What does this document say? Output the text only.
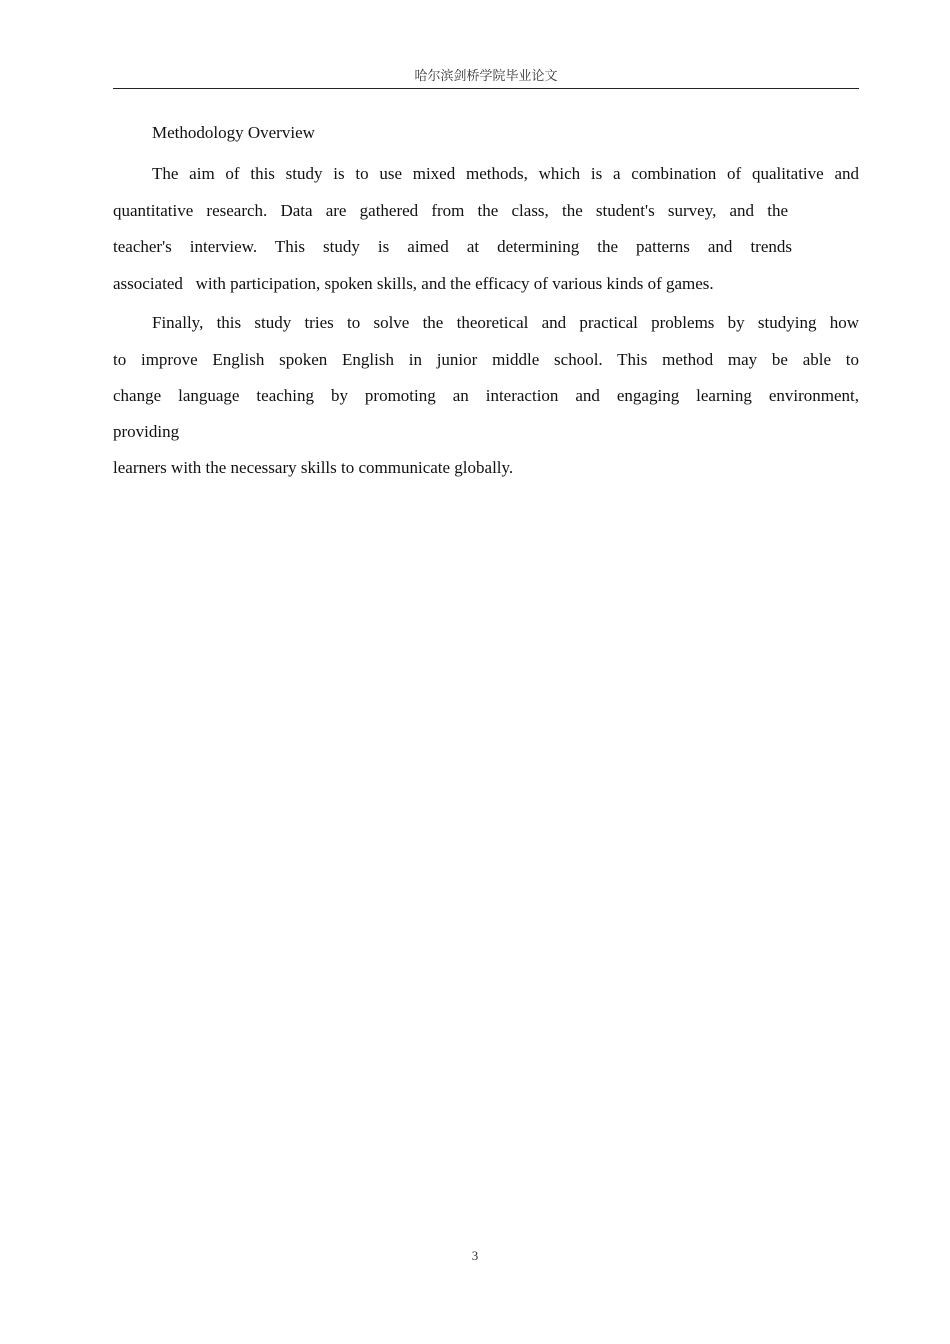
哈尔滨剑桥学院毕业论文
Methodology Overview
The aim of this study is to use mixed methods, which is a combination of qualitative and
quantitative research. Data are gathered from the class, the student's survey, and the
teacher's interview. This study is aimed at determining the patterns and trends
associated   with participation, spoken skills, and the efficacy of various kinds of games.
Finally, this study tries to solve the theoretical and practical problems by studying how
to improve English spoken English in junior middle school. This method may be able to
change language teaching by promoting an interaction and engaging learning environment,
providing
learners with the necessary skills to communicate globally.
3
